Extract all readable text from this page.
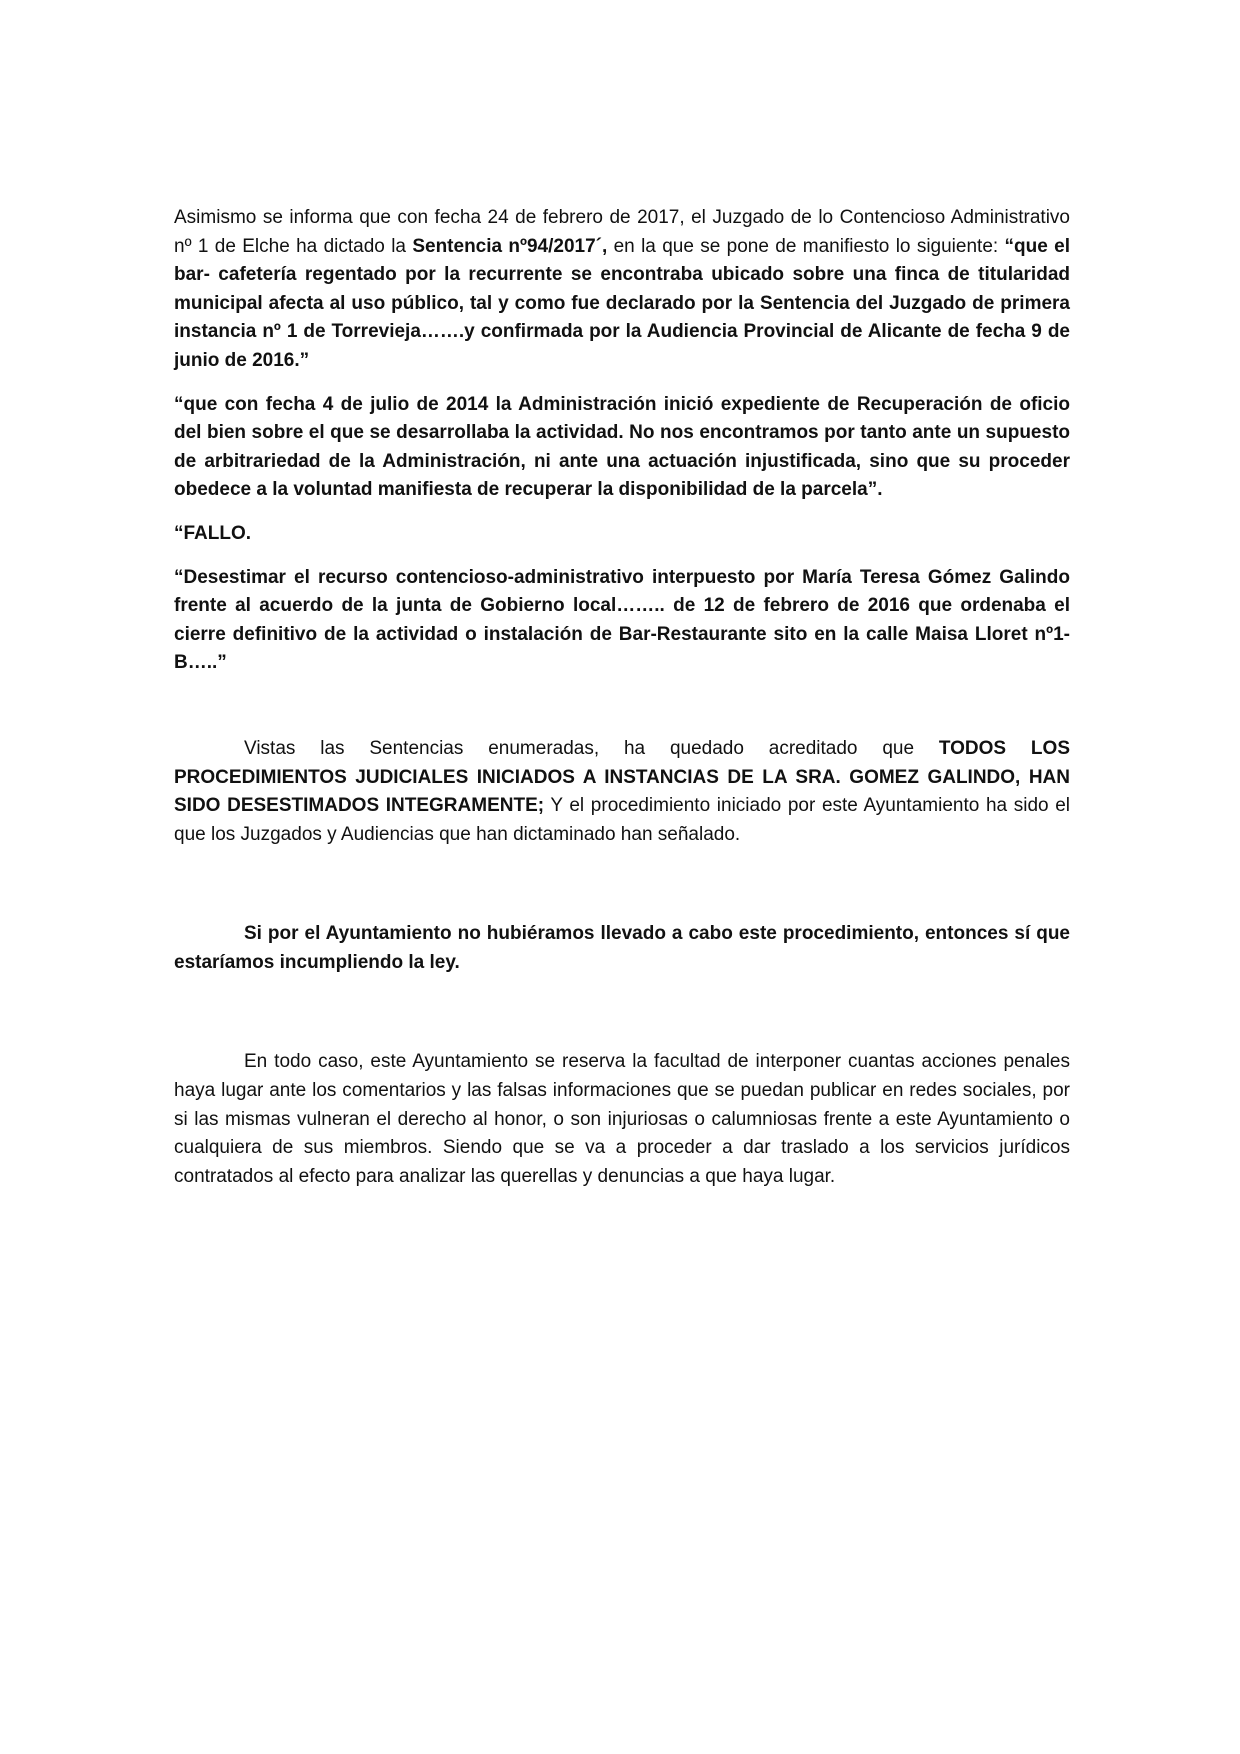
Asimismo se informa que con fecha 24 de febrero de 2017, el Juzgado de lo Contencioso Administrativo nº 1 de Elche ha dictado la Sentencia nº94/2017´, en la que se pone de manifiesto lo siguiente: “que el bar- cafetería regentado por la recurrente se encontraba ubicado sobre una finca de titularidad municipal afecta al uso público, tal y como fue declarado por la Sentencia del Juzgado de primera instancia nº 1 de Torrevieja…….y confirmada por la Audiencia Provincial de Alicante de fecha 9 de junio de 2016.”

“que con fecha 4 de julio de 2014 la Administración inició expediente de Recuperación de oficio del bien sobre el que se desarrollaba la actividad. No nos encontramos por tanto ante un supuesto de arbitrariedad de la Administración, ni ante una actuación injustificada, sino que su proceder obedece a la voluntad manifiesta de recuperar la disponibilidad de la parcela”.

“FALLO.

“Desestimar el recurso contencioso-administrativo interpuesto por María Teresa Gómez Galindo frente al acuerdo de la junta de Gobierno local…….. de 12 de febrero de 2016 que ordenaba el cierre definitivo de la actividad o instalación de Bar-Restaurante sito en la calle Maisa Lloret nº1-B…..”

Vistas las Sentencias enumeradas, ha quedado acreditado que TODOS LOS PROCEDIMIENTOS JUDICIALES INICIADOS A INSTANCIAS DE LA SRA. GOMEZ GALINDO, HAN SIDO DESESTIMADOS INTEGRAMENTE; Y el procedimiento iniciado por este Ayuntamiento ha sido el que los Juzgados y Audiencias que han dictaminado han señalado.

Si por el Ayuntamiento no hubiéramos llevado a cabo este procedimiento, entonces sí que estaríamos incumpliendo la ley.

En todo caso, este Ayuntamiento se reserva la facultad de interponer cuantas acciones penales haya lugar ante los comentarios y las falsas informaciones que se puedan publicar en redes sociales, por si las mismas vulneran el derecho al honor, o son injuriosas o calumniosas frente a este Ayuntamiento o cualquiera de sus miembros. Siendo que se va a proceder a dar traslado a los servicios jurídicos contratados al efecto para analizar las querellas y denuncias a que haya lugar.
